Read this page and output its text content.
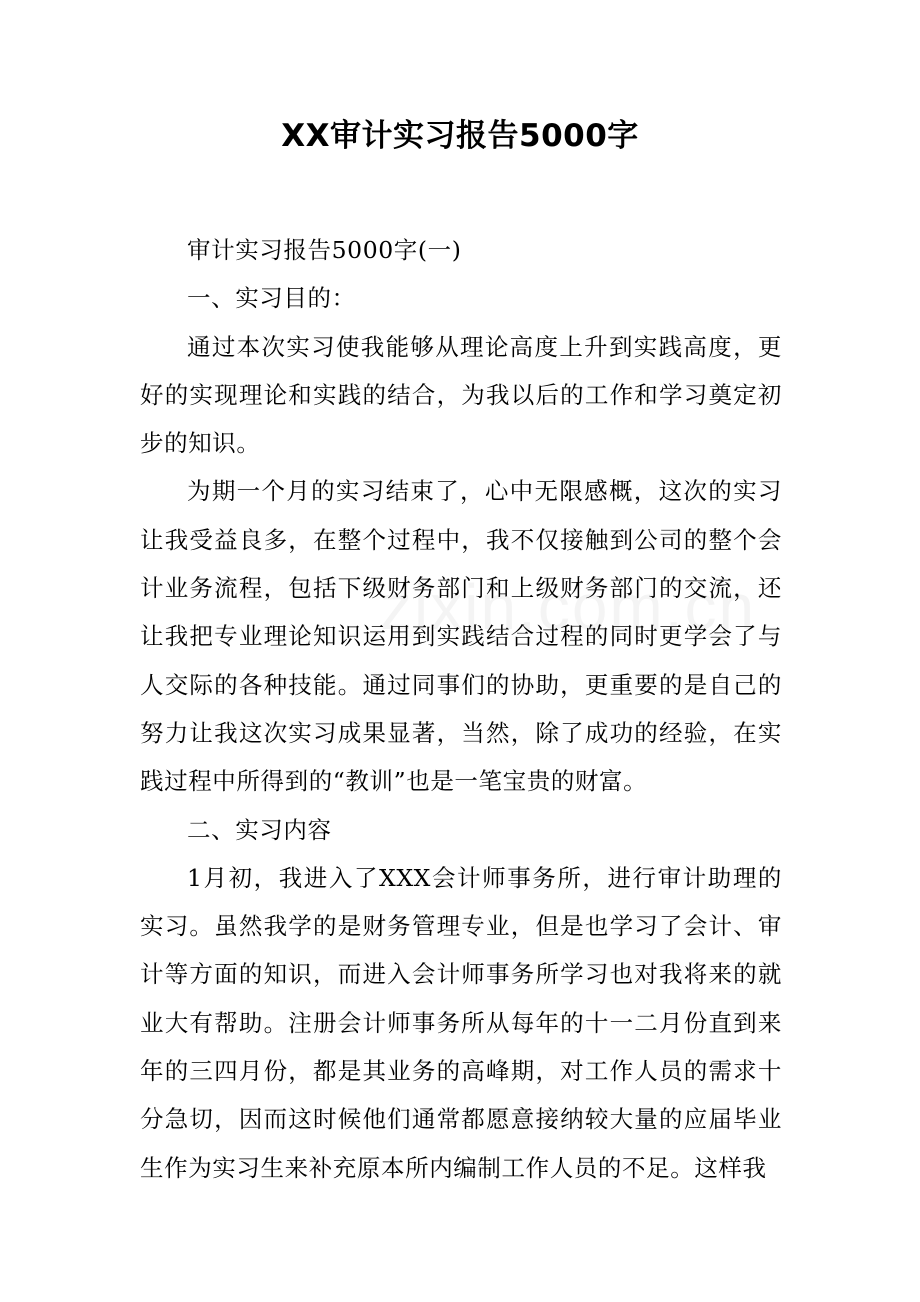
XX审计实习报告5000字

审计实习报告5000字(一)

一、实习目的：

通过本次实习使我能够从理论高度上升到实践高度，更好的实现理论和实践的结合，为我以后的工作和学习奠定初步的知识。

为期一个月的实习结束了，心中无限感概，这次的实习让我受益良多，在整个过程中，我不仅接触到公司的整个会计业务流程，包括下级财务部门和上级财务部门的交流，还让我把专业理论知识运用到实践结合过程的同时更学会了与人交际的各种技能。通过同事们的协助，更重要的是自己的努力让我这次实习成果显著，当然，除了成功的经验，在实践过程中所得到的“教训”也是一笔宝贵的财富。

二、实习内容

1月初，我进入了XXX会计师事务所，进行审计助理的实习。虽然我学的是财务管理专业，但是也学习了会计、审计等方面的知识，而进入会计师事务所学习也对我将来的就业大有帮助。注册会计师事务所从每年的十一二月份直到来年的三四月份，都是其业务的高峰期，对工作人员的需求十分急切，因而这时候他们通常都愿意接纳较大量的应届毕业生作为实习生来补充原本所内编制工作人员的不足。这样我
